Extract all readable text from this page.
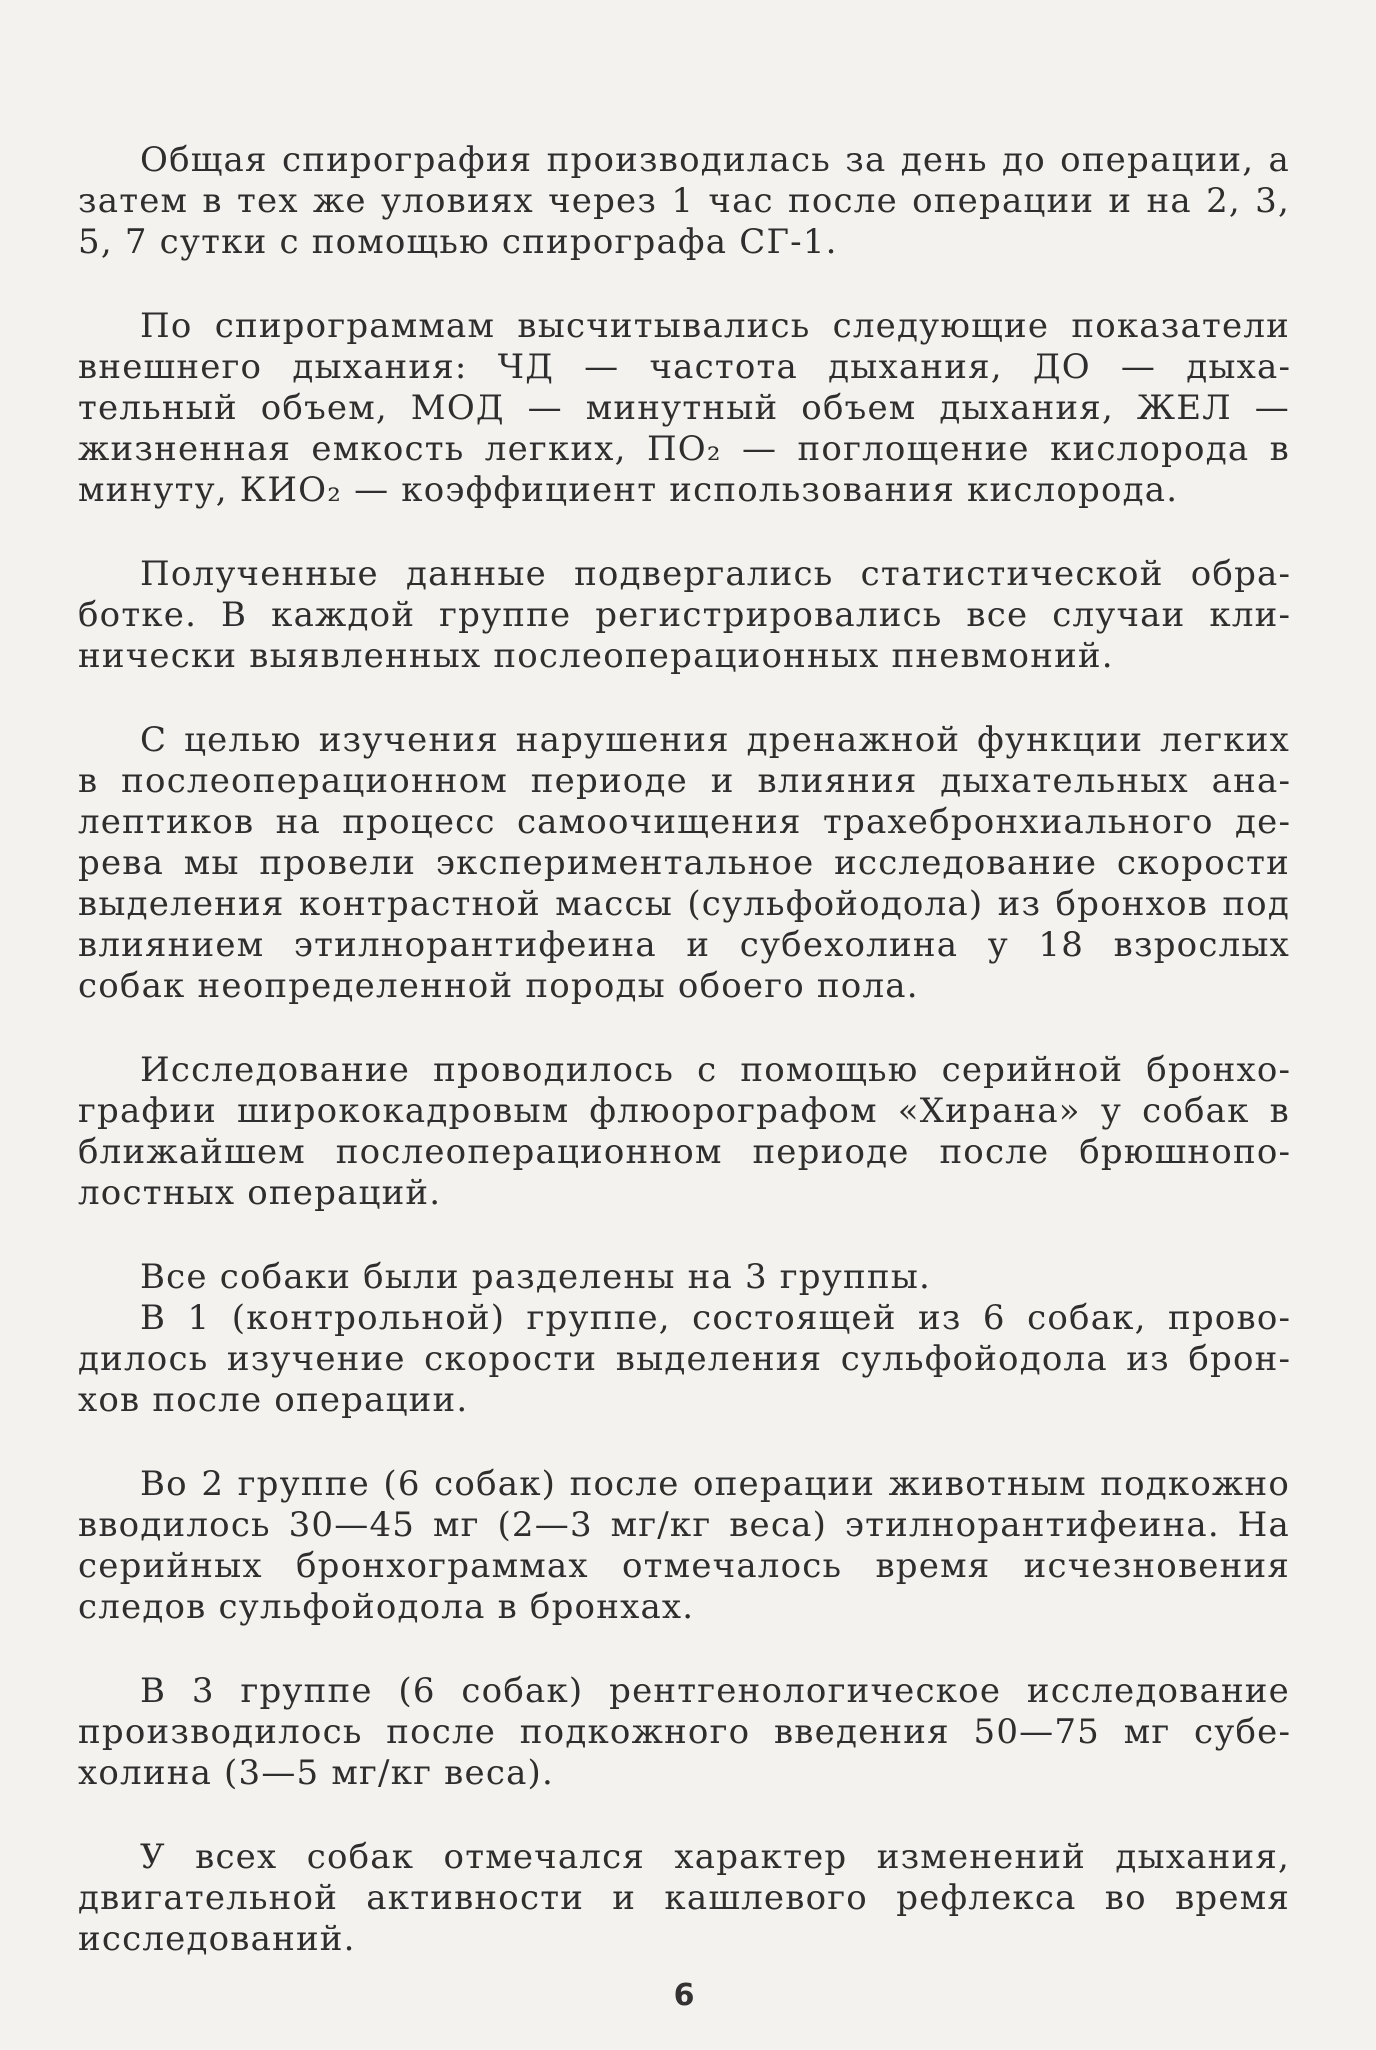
Общая спирография производилась за день до операции, а затем в тех же уловиях через 1 час после операции и на 2, 3, 5, 7 сутки с помощью спирографа СГ-1.

По спирограммам высчитывались следующие показатели внешнего дыхания: ЧД — частота дыхания, ДО — дыхательный объем, МОД — минутный объем дыхания, ЖЕЛ — жизненная емкость легких, ПО₂ — поглощение кислорода в минуту, КИО₂ — коэффициент использования кислорода.

Полученные данные подвергались статистической обработке. В каждой группе регистрировались все случаи клинически выявленных послеоперационных пневмоний.

С целью изучения нарушения дренажной функции легких в послеоперационном периоде и влияния дыхательных аналептиков на процесс самоочищения трахебронхиального дерева мы провели экспериментальное исследование скорости выделения контрастной массы (сульфойодола) из бронхов под влиянием этилнорантифеина и субехолина у 18 взрослых собак неопределенной породы обоего пола.

Исследование проводилось с помощью серийной бронхографии ширококадровым флюорографом «Хирана» у собак в ближайшем послеоперационном периоде после брюшнополостных операций.

Все собаки были разделены на 3 группы.

В 1 (контрольной) группе, состоящей из 6 собак, проводилось изучение скорости выделения сульфойодола из бронхов после операции.

Во 2 группе (6 собак) после операции животным подкожно вводилось 30—45 мг (2—3 мг/кг веса) этилнорантифеина. На серийных бронхограммах отмечалось время исчезновения следов сульфойодола в бронхах.

В 3 группе (6 собак) рентгенологическое исследование производилось после подкожного введения 50—75 мг субехолина (3—5 мг/кг веса).

У всех собак отмечался характер изменений дыхания, двигательной активности и кашлевого рефлекса во время исследований.

6
